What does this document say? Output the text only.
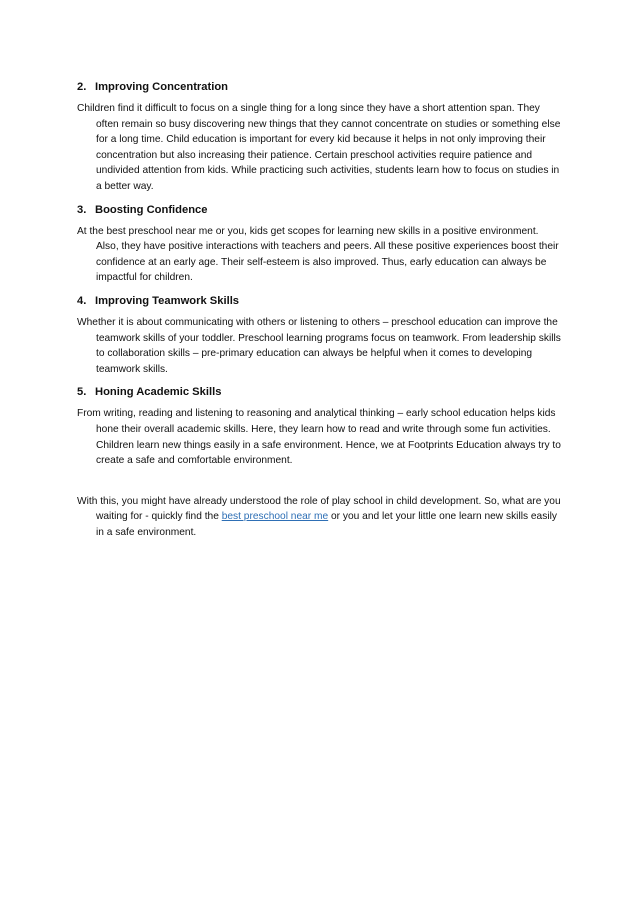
2. Improving Concentration

Children find it difficult to focus on a single thing for a long since they have a short attention span. They often remain so busy discovering new things that they cannot concentrate on studies or something else for a long time. Child education is important for every kid because it helps in not only improving their concentration but also increasing their patience. Certain preschool activities require patience and undivided attention from kids. While practicing such activities, students learn how to focus on studies in a better way.

3. Boosting Confidence

At the best preschool near me or you, kids get scopes for learning new skills in a positive environment. Also, they have positive interactions with teachers and peers. All these positive experiences boost their confidence at an early age. Their self-esteem is also improved. Thus, early education can always be impactful for children.

4. Improving Teamwork Skills

Whether it is about communicating with others or listening to others – preschool education can improve the teamwork skills of your toddler. Preschool learning programs focus on teamwork. From leadership skills to collaboration skills – pre-primary education can always be helpful when it comes to developing teamwork skills.

5. Honing Academic Skills

From writing, reading and listening to reasoning and analytical thinking – early school education helps kids hone their overall academic skills. Here, they learn how to read and write through some fun activities. Children learn new things easily in a safe environment. Hence, we at Footprints Education always try to create a safe and comfortable environment.

With this, you might have already understood the role of play school in child development. So, what are you waiting for - quickly find the best preschool near me or you and let your little one learn new skills easily in a safe environment.
